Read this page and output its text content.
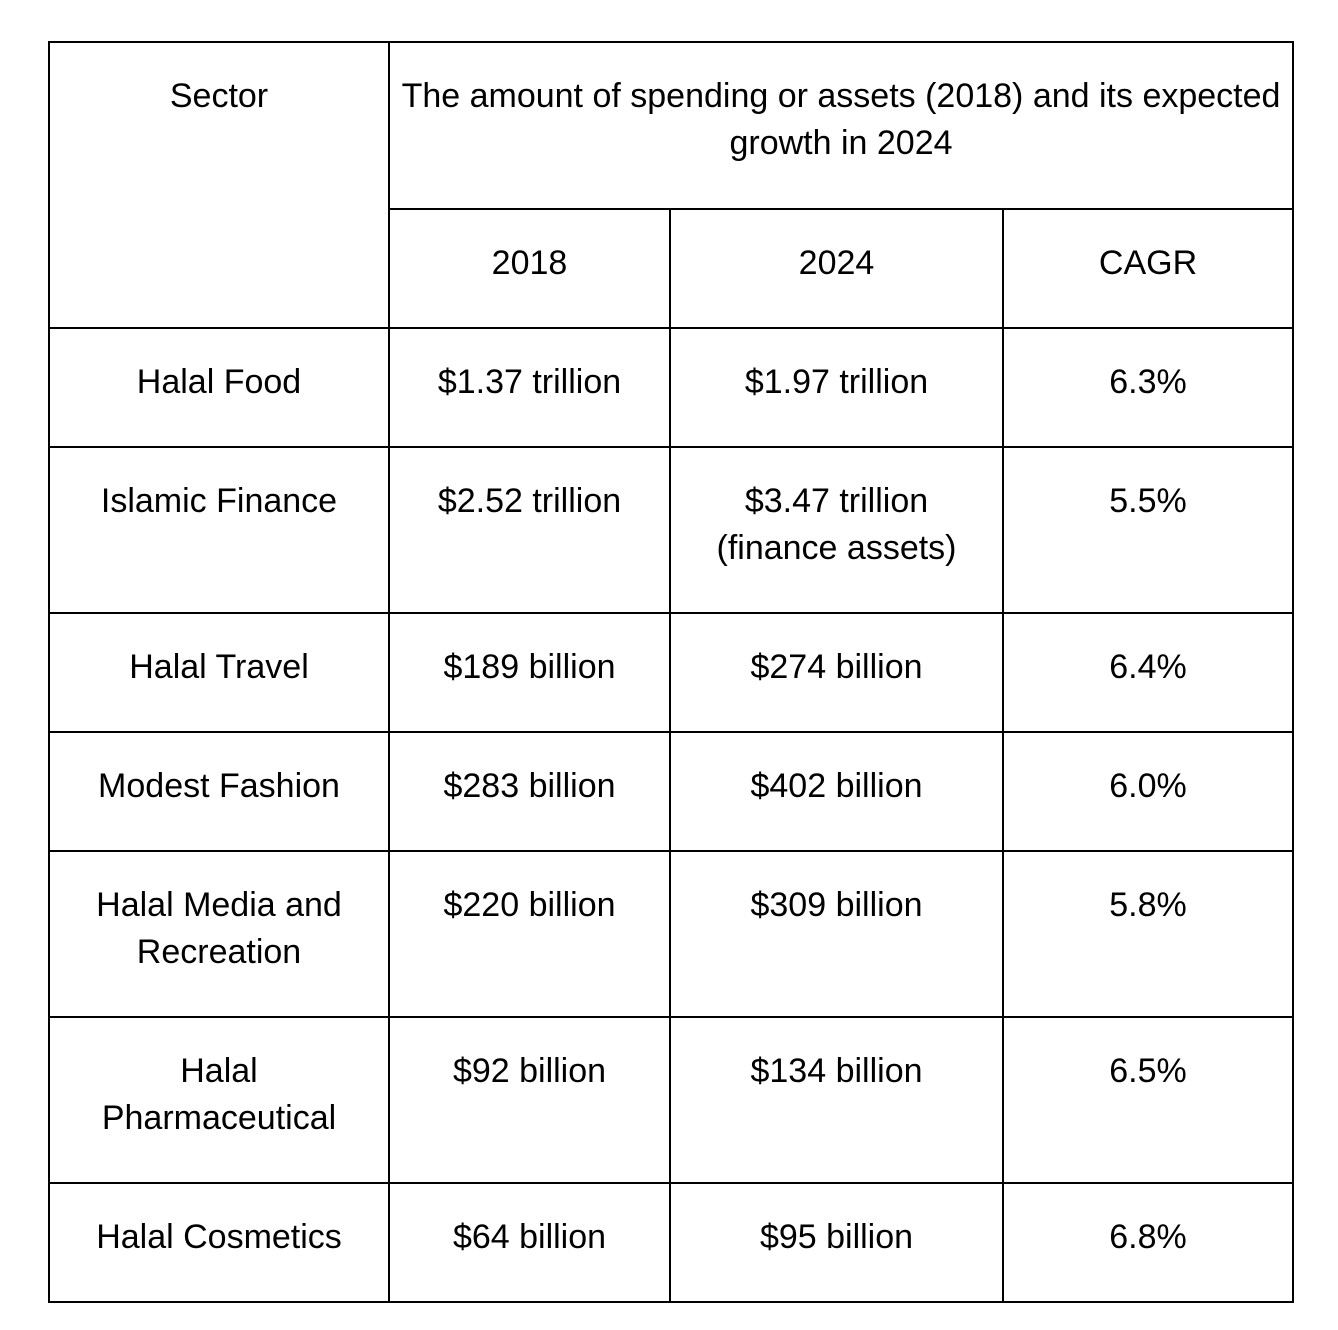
Sector	The amount of spending or assets (2018) and its expected growth in 2024		
	2018	2024	CAGR
Halal Food	$1.37 trillion	$1.97 trillion	6.3%
Islamic Finance	$2.52 trillion	$3.47 trillion (finance assets)	5.5%
Halal Travel	$189 billion	$274 billion	6.4%
Modest Fashion	$283 billion	$402 billion	6.0%
Halal Media and Recreation	$220 billion	$309 billion	5.8%
Halal Pharmaceutical	$92 billion	$134 billion	6.5%
Halal Cosmetics	$64 billion	$95 billion	6.8%
